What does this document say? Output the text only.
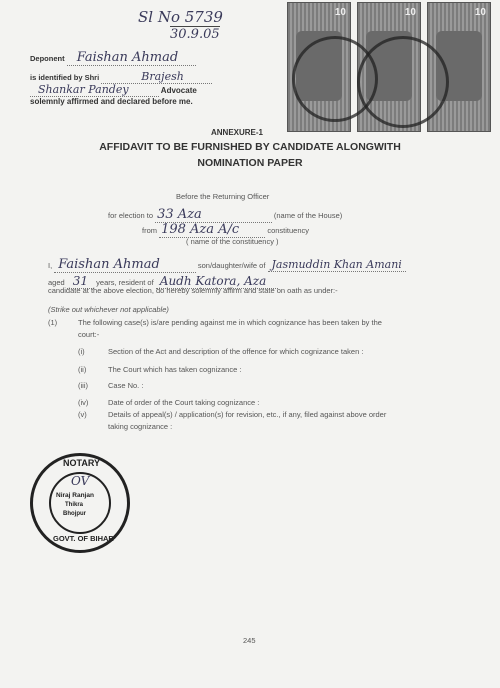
Sl No 5739
30.9.05
10	10	10
Deponent Faishan Ahmad
is identified by Shri	Brajesh
Shankar Pandey	Advocate
solemnly affirmed and declared before me.
ANNEXURE-1
AFFIDAVIT TO BE FURNISHED BY CANDIDATE ALONGWITH
NOMINATION PAPER
Before the Returning Officer
for election to 33 Aza	(name of the House)
from 198 Aza A/c	constituency
( name of the constituency )
I, Faishan Ahmad	son/daughter/wife of Jasmuddin Khan Amani
aged 31 years, resident of Audh Katora, Aza
candidate at the above election, do hereby solemnly affirm and state on oath as under:-
(Strike out whichever not applicable)
(1)	The following case(s) is/are pending against me in which cognizance has been taken by the
court:-
(i)	Section of the Act and description of the offence for which cognizance taken :
(ii)	The Court which has taken cognizance :
(iii)	Case No. :
(iv)	Date of order of the Court taking cognizance :
(v)	Details of appeal(s) / application(s) for revision, etc., if any, filed against above order
taking cognizance :
NOTARY
Niraj Ranjan
Thikra
Bhojpur
GOVT. OF BIHAR
OV
245
